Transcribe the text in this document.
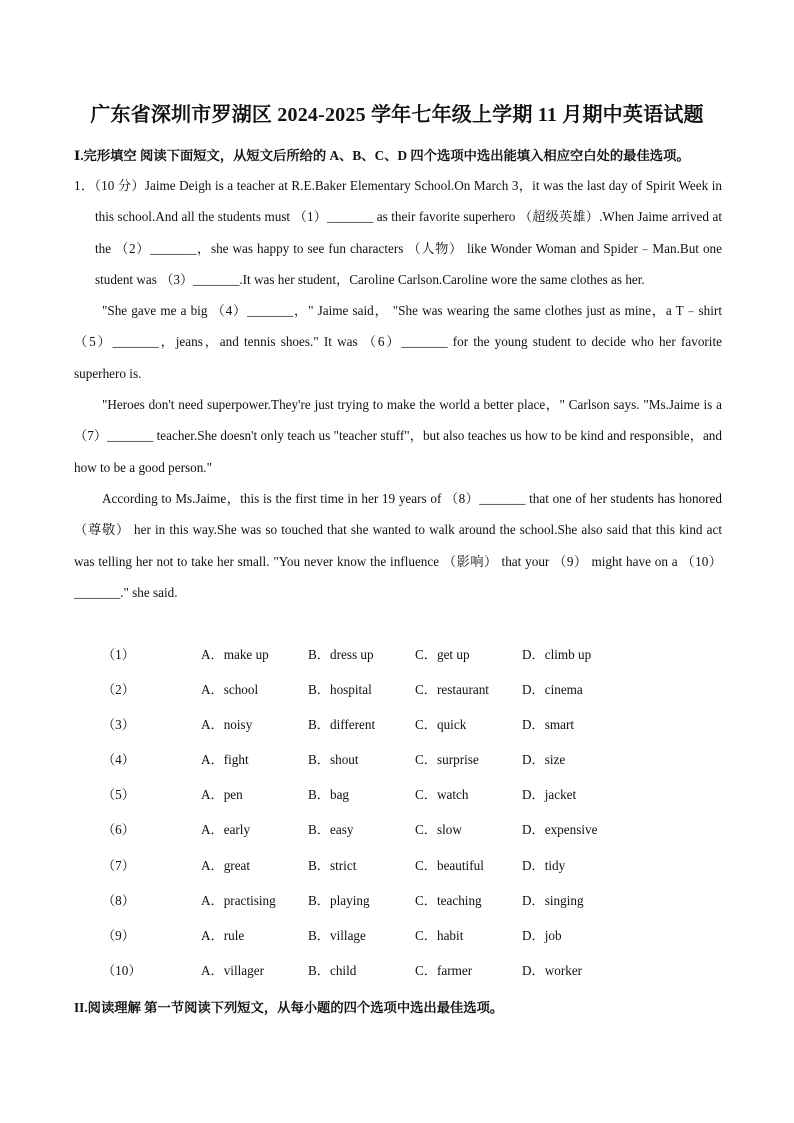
广东省深圳市罗湖区 2024-2025 学年七年级上学期 11 月期中英语试题
Ⅰ.完形填空 阅读下面短文，从短文后所给的 A、B、C、D 四个选项中选出能填入相应空白处的最佳选项。

1．（10 分）Jaime Deigh is a teacher at R.E.Baker Elementary School.On March 3，it was the last day of Spirit Week in this school.And all the students must （1）_______ as their favorite superhero （超级英雄）.When Jaime arrived at the （2）_______，she was happy to see fun characters （人物） like Wonder Woman and Spider﹣Man.But one student was （3）_______.It was her student，Caroline Carlson.Caroline wore the same clothes as her.

"She gave me a big （4）_______，" Jaime said， "She was wearing the same clothes just as mine，a T﹣shirt（5）_______，jeans，and tennis shoes." It was （6）_______ for the young student to decide who her favorite superhero is.

"Heroes don't need superpower.They're just trying to make the world a better place，" Carlson says. "Ms.Jaime is a （7）_______ teacher.She doesn't only teach us "teacher stuff"，but also teaches us how to be kind and responsible，and how to be a good person."

According to Ms.Jaime，this is the first time in her 19 years of （8）_______ that one of her students has honored （尊敬） her in this way.She was so touched that she wanted to walk around the school.She also said that this kind act was telling her not to take her small. "You never know the influence （影响） that your （9） might have on a （10）_______." she said.

（1）	A．make up	B．dress up	C．get up	D．climb up
（2）	A．school	B．hospital	C．restaurant	D．cinema
（3）	A．noisy	B．different	C．quick	D．smart
（4）	A．fight	B．shout	C．surprise	D．size
（5）	A．pen	B．bag	C．watch	D．jacket
（6）	A．early	B．easy	C．slow	D．expensive
（7）	A．great	B．strict	C．beautiful	D．tidy
（8）	A．practising B．playing	C．teaching	D．singing
（9）	A．rule	B．village	C．habit	D．job
（10）	A．villager	B．child	C．farmer	D．worker
II.阅读理解 第一节阅读下列短文，从每小题的四个选项中选出最佳选项。
